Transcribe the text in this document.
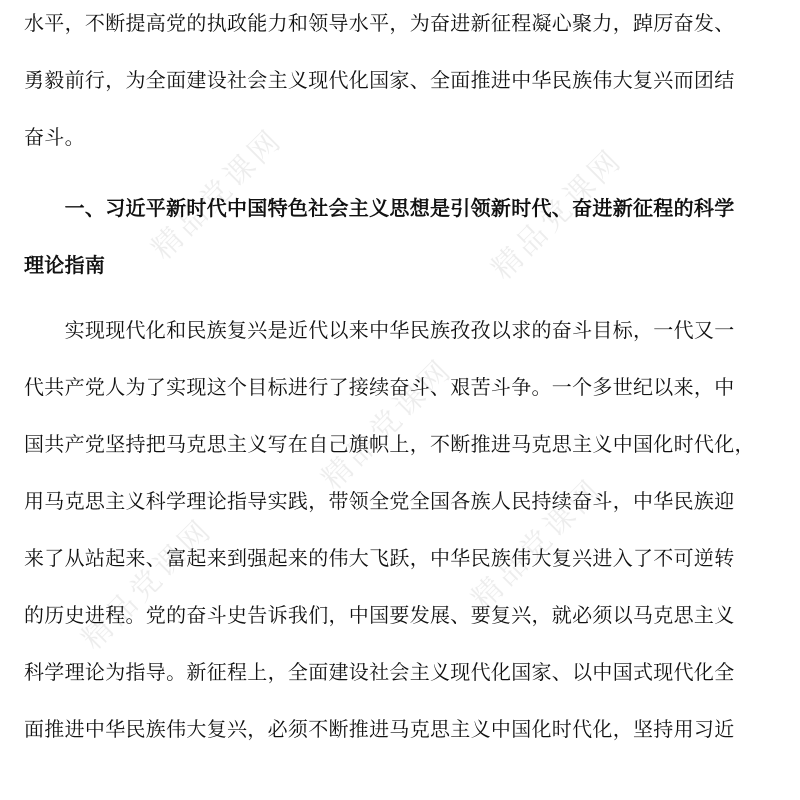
精品党课网	精品党课网
精品党课网
精品党课网	精品党课网
水平，不断提高党的执政能力和领导水平，为奋进新征程凝心聚力，踔厉奋发、
勇毅前行，为全面建设社会主义现代化国家、全面推进中华民族伟大复兴而团结
奋斗。
　　一、习近平新时代中国特色社会主义思想是引领新时代、奋进新征程的科学
理论指南
　　实现现代化和民族复兴是近代以来中华民族孜孜以求的奋斗目标，一代又一
代共产党人为了实现这个目标进行了接续奋斗、艰苦斗争。一个多世纪以来，中
国共产党坚持把马克思主义写在自己旗帜上，不断推进马克思主义中国化时代化，
用马克思主义科学理论指导实践，带领全党全国各族人民持续奋斗，中华民族迎
来了从站起来、富起来到强起来的伟大飞跃，中华民族伟大复兴进入了不可逆转
的历史进程。党的奋斗史告诉我们，中国要发展、要复兴，就必须以马克思主义
科学理论为指导。新征程上，全面建设社会主义现代化国家、以中国式现代化全
面推进中华民族伟大复兴，必须不断推进马克思主义中国化时代化，坚持用习近
